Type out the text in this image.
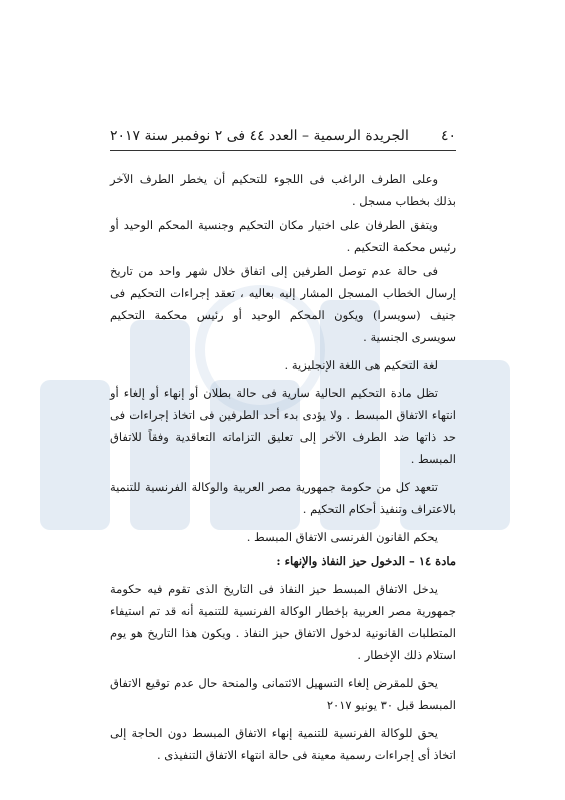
٤٠
الجريدة الرسمية – العدد ٤٤ فى ٢ نوفمبر سنة ٢٠١٧

وعلى الطرف الراغب فى اللجوء للتحكيم أن يخطر الطرف الآخر بذلك بخطاب مسجل .

ويتفق الطرفان على اختيار مكان التحكيم وجنسية المحكم الوحيد أو رئيس محكمة التحكيم .

فى حالة عدم توصل الطرفين إلى اتفاق خلال شهر واحد من تاريخ إرسال الخطاب المسجل المشار إليه بعاليه ، تعقد إجراءات التحكيم فى جنيف (سويسرا) ويكون المحكم الوحيد أو رئيس محكمة التحكيم سويسرى الجنسية .

لغة التحكيم هى اللغة الإنجليزية .

تظل مادة التحكيم الحالية سارية فى حالة بطلان أو إنهاء أو إلغاء أو انتهاء الاتفاق المبسط . ولا يؤدى بدء أحد الطرفين فى اتخاذ إجراءات فى حد ذاتها ضد الطرف الآخر إلى تعليق التزاماته التعاقدية وفقاً للاتفاق المبسط .

تتعهد كل من حكومة جمهورية مصر العربية والوكالة الفرنسية للتنمية بالاعتراف وتنفيذ أحكام التحكيم .

يحكم القانون الفرنسى الاتفاق المبسط .

مادة ١٤ – الدخول حيز النفاذ والإنهاء :

يدخل الاتفاق المبسط حيز النفاذ فى التاريخ الذى تقوم فيه حكومة جمهورية مصر العربية بإخطار الوكالة الفرنسية للتنمية أنه قد تم استيفاء المتطلبات القانونية لدخول الاتفاق حيز النفاذ . ويكون هذا التاريخ هو يوم استلام ذلك الإخطار .

يحق للمقرض إلغاء التسهيل الائتمانى والمنحة حال عدم توقيع الاتفاق المبسط قبل ٣٠ يونيو ٢٠١٧

يحق للوكالة الفرنسية للتنمية إنهاء الاتفاق المبسط دون الحاجة إلى اتخاذ أى إجراءات رسمية معينة فى حالة انتهاء الاتفاق التنفيذى .
